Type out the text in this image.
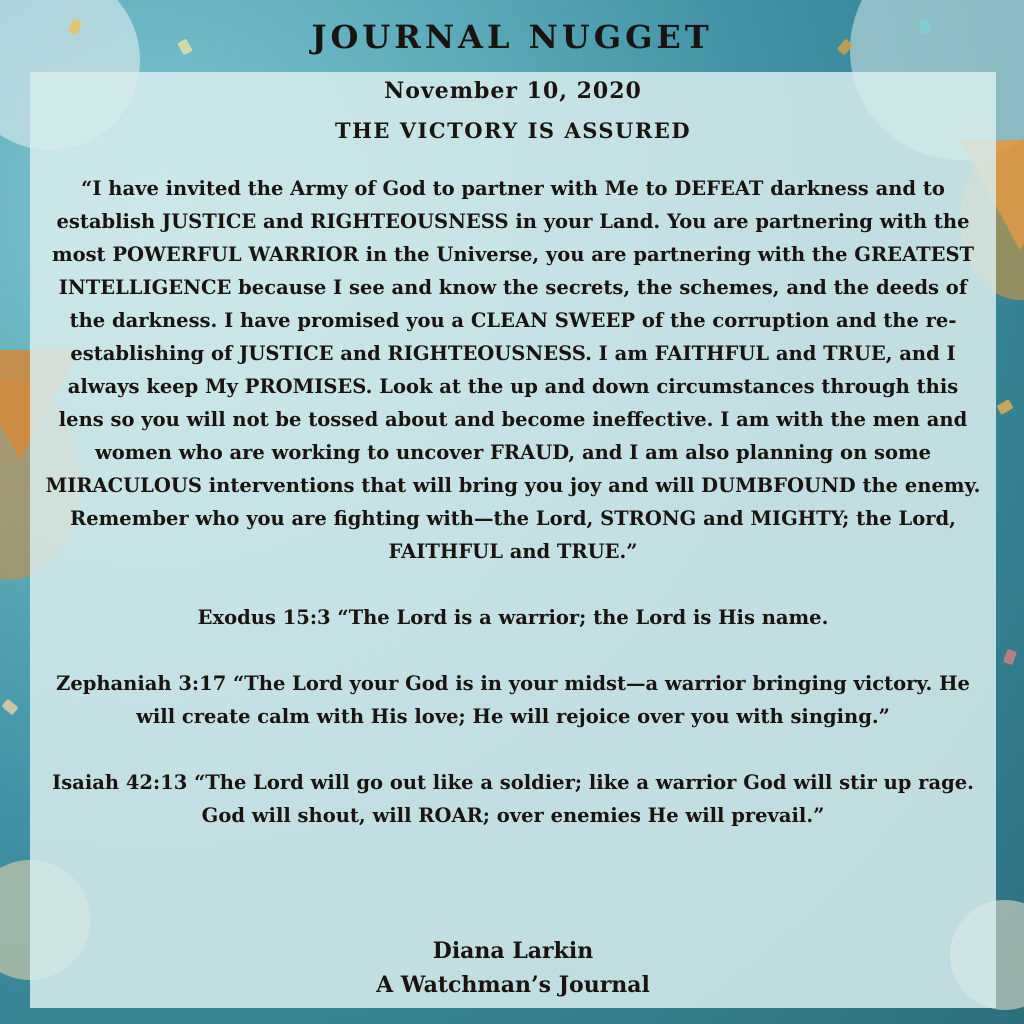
JOURNAL NUGGET
November 10, 2020
THE VICTORY IS ASSURED

“I have invited the Army of God to partner with Me to DEFEAT darkness and to establish JUSTICE and RIGHTEOUSNESS in your Land. You are partnering with the most POWERFUL WARRIOR in the Universe, you are partnering with the GREATEST INTELLIGENCE because I see and know the secrets, the schemes, and the deeds of the darkness. I have promised you a CLEAN SWEEP of the corruption and the re-establishing of JUSTICE and RIGHTEOUSNESS. I am FAITHFUL and TRUE, and I always keep My PROMISES. Look at the up and down circumstances through this lens so you will not be tossed about and become ineffective. I am with the men and women who are working to uncover FRAUD, and I am also planning on some MIRACULOUS interventions that will bring you joy and will DUMBFOUND the enemy. Remember who you are fighting with—the Lord, STRONG and MIGHTY; the Lord, FAITHFUL and TRUE.”

Exodus 15:3 “The Lord is a warrior; the Lord is His name.

Zephaniah 3:17 “The Lord your God is in your midst—a warrior bringing victory. He will create calm with His love; He will rejoice over you with singing.”

Isaiah 42:13 “The Lord will go out like a soldier; like a warrior God will stir up rage. God will shout, will ROAR; over enemies He will prevail.”

Diana Larkin
A Watchman’s Journal
